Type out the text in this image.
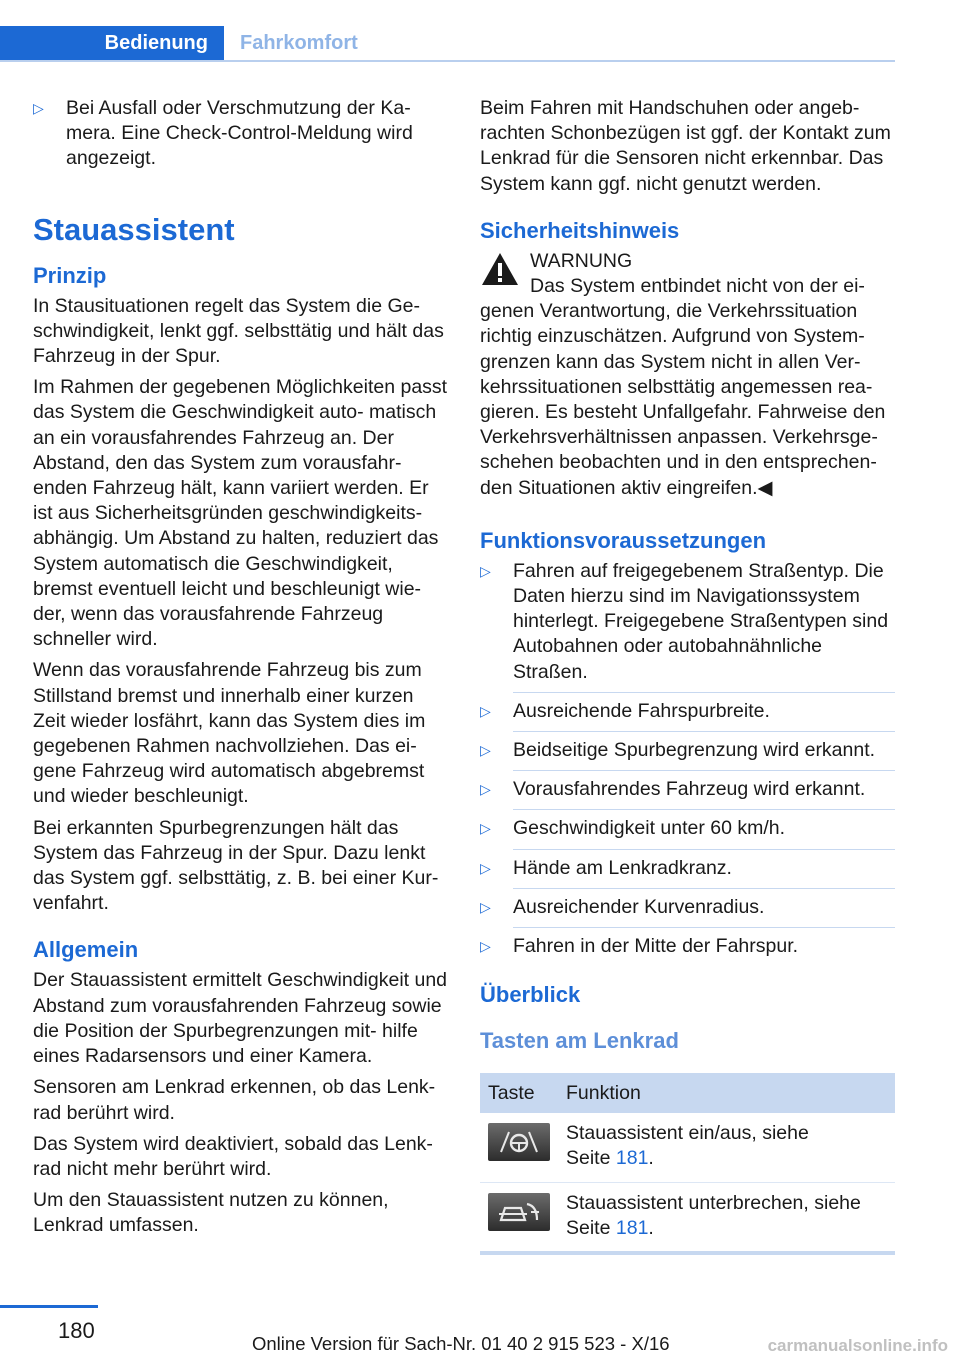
Bedienung	Fahrkomfort
▷	Bei Ausfall oder Verschmutzung der Ka‐ mera. Eine Check-Control-Meldung wird angezeigt.
Stauassistent
Prinzip

In Stausituationen regelt das System die Ge‐ schwindigkeit, lenkt ggf. selbsttätig und hält das Fahrzeug in der Spur.

Im Rahmen der gegebenen Möglichkeiten passt das System die Geschwindigkeit auto‐ matisch an ein vorausfahrendes Fahrzeug an. Der Abstand, den das System zum vorausfahr‐ enden Fahrzeug hält, kann variiert werden. Er ist aus Sicherheitsgründen geschwindigkeits‐ abhängig. Um Abstand zu halten, reduziert das System automatisch die Geschwindigkeit, bremst eventuell leicht und beschleunigt wie‐ der, wenn das vorausfahrende Fahrzeug schneller wird.

Wenn das vorausfahrende Fahrzeug bis zum Stillstand bremst und innerhalb einer kurzen Zeit wieder losfährt, kann das System dies im gegebenen Rahmen nachvollziehen. Das ei‐ gene Fahrzeug wird automatisch abgebremst und wieder beschleunigt.

Bei erkannten Spurbegrenzungen hält das System das Fahrzeug in der Spur. Dazu lenkt das System ggf. selbsttätig, z. B. bei einer Kur‐ venfahrt.

Allgemein

Der Stauassistent ermittelt Geschwindigkeit und Abstand zum vorausfahrenden Fahrzeug sowie die Position der Spurbegrenzungen mit‐ hilfe eines Radarsensors und einer Kamera.

Sensoren am Lenkrad erkennen, ob das Lenk‐ rad berührt wird.

Das System wird deaktiviert, sobald das Lenk‐ rad nicht mehr berührt wird.

Um den Stauassistent nutzen zu können, Lenkrad umfassen.

Beim Fahren mit Handschuhen oder angeb‐ rachten Schonbezügen ist ggf. der Kontakt zum Lenkrad für die Sensoren nicht erkennbar. Das System kann ggf. nicht genutzt werden.

Sicherheitshinweis
WARNUNG
Das System entbindet nicht von der ei‐ genen Verantwortung, die Verkehrssituation richtig einzuschätzen. Aufgrund von System‐ grenzen kann das System nicht in allen Ver‐ kehrssituationen selbsttätig angemessen rea‐ gieren. Es besteht Unfallgefahr. Fahrweise den Verkehrsverhältnissen anpassen. Verkehrsge‐ schehen beobachten und in den entsprechen‐ den Situationen aktiv eingreifen.◀
Funktionsvoraussetzungen
▷	Fahren auf freigegebenem Straßentyp. Die Daten hierzu sind im Navigationssystem hinterlegt. Freigegebene Straßentypen sind Autobahnen oder autobahnähnliche Straßen.
▷	Ausreichende Fahrspurbreite.
▷	Beidseitige Spurbegrenzung wird erkannt.
▷	Vorausfahrendes Fahrzeug wird erkannt.
▷	Geschwindigkeit unter 60 km/h.
▷	Hände am Lenkradkranz.
▷	Ausreichender Kurvenradius.
▷	Fahren in der Mitte der Fahrspur.
Überblick
Tasten am Lenkrad
Taste	Funktion

	Stauassistent ein/aus, siehe
Seite 181.

	Stauassistent unterbrechen, siehe
Seite 181.
180
Online Version für Sach-Nr. 01 40 2 915 523 - X/16	carmanualsonline.info
